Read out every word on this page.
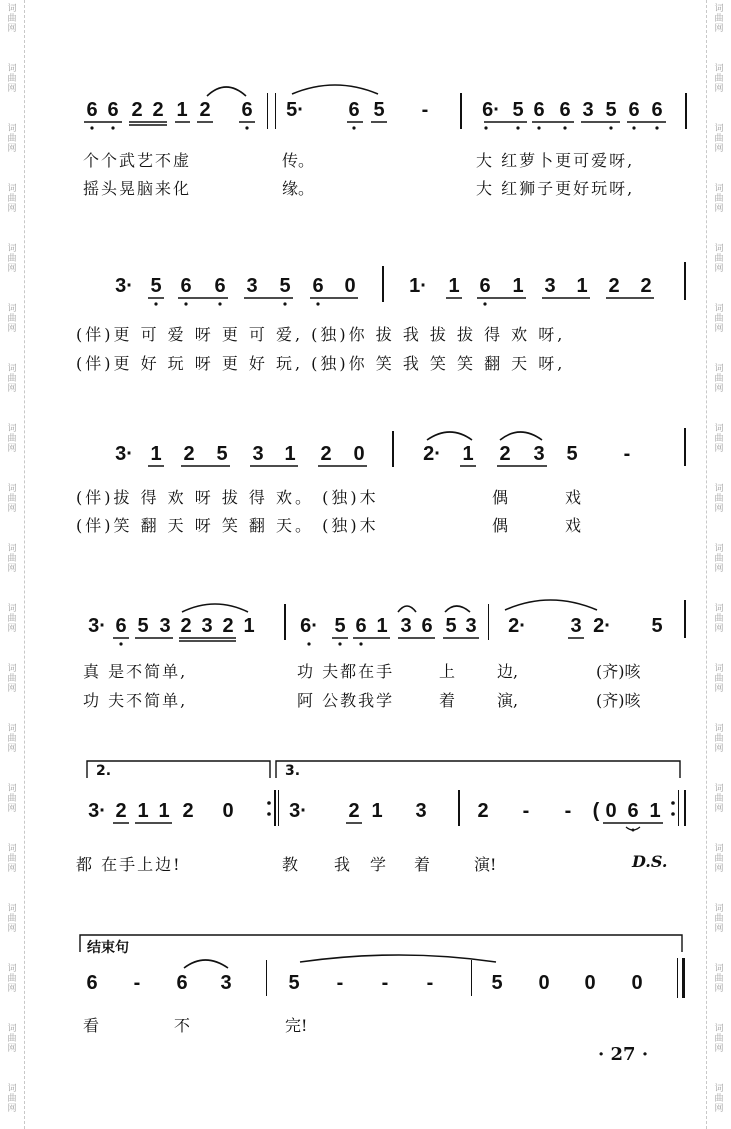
词
曲
网
词
曲
网
词
曲
网
词
曲
网
词
曲
网
词
曲
网
词
曲
网
词
曲
网
词
曲
网
词
曲
网
词
曲
网
词
曲
网
词
曲
网
词
曲
网
词
曲
网
词
曲
网
词
曲
网
词
曲
网
词
曲
网
词
曲
网
词
曲
网
词
曲
网
词
曲
网
词
曲
网
词
曲
网
词
曲
网
词
曲
网
词
曲
网
词
曲
网
词
曲
网
词
曲
网
词
曲
网
词
曲
网
词
曲
网
词
曲
网
词
曲
网
词
曲
网
词
曲
网
6 6 2 2 1 2 6 5· 6 5 -	6· 5 6 6 3 5 6 6
个个武艺不虚	传。	大 红萝卜更可爱呀,
摇头晃脑来化	缘。	大 红狮子更好玩呀,
3· 5 6 6 3 5 6 0	1· 1 6 1 3 1 2 2
(伴)更 可 爱 呀 更 可 爱, (独)你 拔 我 拔 拔 得 欢 呀,
(伴)更 好 玩 呀 更 好 玩, (独)你 笑 我 笑 笑 翻 天 呀,
3· 1 2 5 3 1 2 0	2· 1 2 3 5 -
(伴)拔 得 欢 呀 拔 得 欢。 (独)木	偶	戏
(伴)笑 翻 天 呀 笑 翻 天。 (独)木	偶	戏
3· 6 5 3 2 3 2 1 6· 5 6 1 3 6 5 3 2· 3 2· 5
真 是不简单,	功 夫都在手	上	边,	(齐)咳
功 夫不简单,	阿 公教我学	着	演,	(齐)咳
2.	3.
3· 2 1 1 2 0	3· 2 1 3	2 - - ( 0 6 1
都 在手上边!	教 我 学 着	演!	D.S.
结束句
6 - 6 3	5 - - -	5 0 0 0
看	不	完!
· 27 ·
